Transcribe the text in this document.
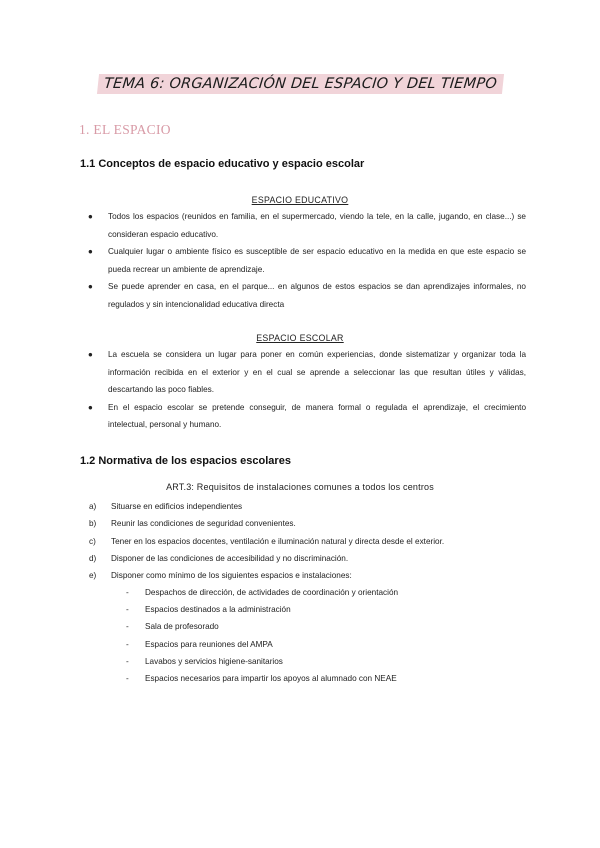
TEMA 6: ORGANIZACIÓN DEL ESPACIO Y DEL TIEMPO
1. EL ESPACIO
1.1 Conceptos de espacio educativo y espacio escolar
ESPACIO EDUCATIVO
● Todos los espacios (reunidos en familia, en el supermercado, viendo la tele, en la calle, jugando, en clase...) se consideran espacio educativo.
● Cualquier lugar o ambiente físico es susceptible de ser espacio educativo en la medida en que este espacio se pueda recrear un ambiente de aprendizaje.
● Se puede aprender en casa, en el parque... en algunos de estos espacios se dan aprendizajes informales, no regulados y sin intencionalidad educativa directa
ESPACIO ESCOLAR
● La escuela se considera un lugar para poner en común experiencias, donde sistematizar y organizar toda la información recibida en el exterior y en el cual se aprende a seleccionar las que resultan útiles y válidas, descartando las poco fiables.
● En el espacio escolar se pretende conseguir, de manera formal o regulada el aprendizaje, el crecimiento intelectual, personal y humano.
1.2 Normativa de los espacios escolares
ART.3: Requisitos de instalaciones comunes a todos los centros
a) Situarse en edificios independientes
b) Reunir las condiciones de seguridad convenientes.
c) Tener en los espacios docentes, ventilación e iluminación natural y directa desde el exterior.
d) Disponer de las condiciones de accesibilidad y no discriminación.
e) Disponer como mínimo de los siguientes espacios e instalaciones:
- Despachos de dirección, de actividades de coordinación y orientación
- Espacios destinados a la administración
- Sala de profesorado
- Espacios para reuniones del AMPA
- Lavabos y servicios higiene-sanitarios
- Espacios necesarios para impartir los apoyos al alumnado con NEAE
